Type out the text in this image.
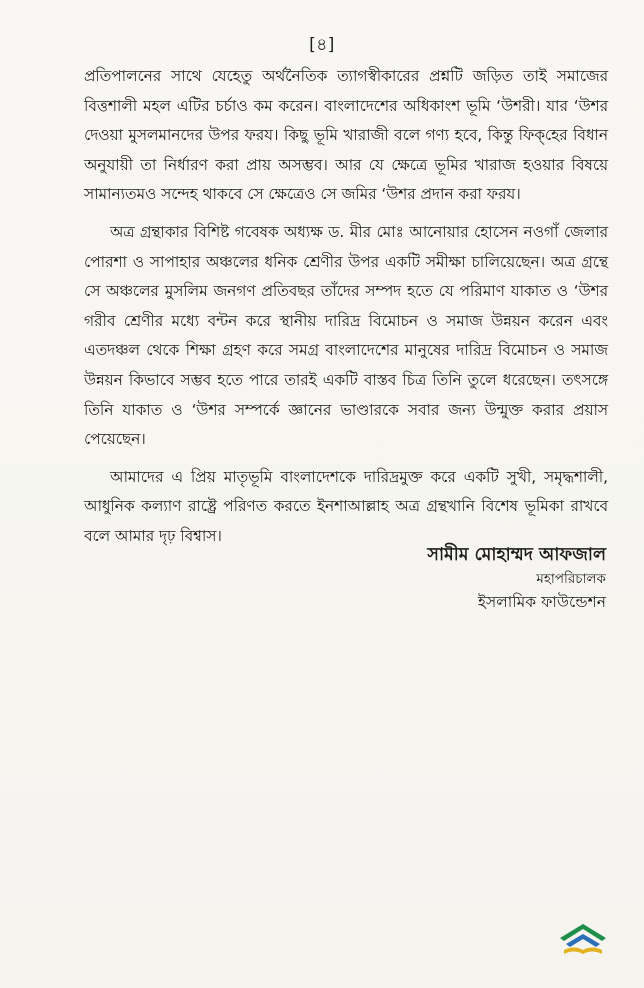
[৪]

প্রতিপালনের সাথে যেহেতু অর্থনৈতিক ত্যাগস্বীকারের প্রশ্নটি জড়িত তাই সমাজের বিত্তশালী মহল এটির চর্চাও কম করেন। বাংলাদেশের অধিকাংশ ভূমি ‘উশরী। যার ‘উশর দেওয়া মুসলমানদের উপর ফরয। কিছু ভূমি খারাজী বলে গণ্য হবে, কিন্তু ফিক্‌হের বিধান অনুযায়ী তা নির্ধারণ করা প্রায় অসম্ভব। আর যে ক্ষেত্রে ভূমির খারাজ হওয়ার বিষয়ে সামান্যতমও সন্দেহ থাকবে সে ক্ষেত্রেও সে জমির ‘উশর প্রদান করা ফরয।

অত্র গ্রন্থাকার বিশিষ্ট গবেষক অধ্যক্ষ ড. মীর মোঃ আনোয়ার হোসেন নওগাঁ জেলার পোরশা ও সাপাহার অঞ্চলের ধনিক শ্রেণীর উপর একটি সমীক্ষা চালিয়েছেন। অত্র গ্রন্থে সে অঞ্চলের মুসলিম জনগণ প্রতিবছর তাঁদের সম্পদ হতে যে পরিমাণ যাকাত ও ‘উশর গরীব শ্রেণীর মধ্যে বন্টন করে স্থানীয় দারিদ্র বিমোচন ও সমাজ উন্নয়ন করেন এবং এতদঞ্চল থেকে শিক্ষা গ্রহণ করে সমগ্র বাংলাদেশের মানুষের দারিদ্র বিমোচন ও সমাজ উন্নয়ন কিভাবে সম্ভব হতে পারে তারই একটি বাস্তব চিত্র তিনি তুলে ধরেছেন। তৎসঙ্গে তিনি যাকাত ও ‘উশর সম্পর্কে জ্ঞানের ভাণ্ডারকে সবার জন্য উন্মুক্ত করার প্রয়াস পেয়েছেন।

আমাদের এ প্রিয় মাতৃভূমি বাংলাদেশকে দারিদ্রমুক্ত করে একটি সুখী, সমৃদ্ধশালী, আধুনিক কল্যাণ রাষ্ট্রে পরিণত করতে ইনশাআল্লাহ অত্র গ্রন্থখানি বিশেষ ভূমিকা রাখবে বলে আমার দৃঢ় বিশ্বাস।

সামীম মোহাম্মদ আফজাল
মহাপরিচালক
ইসলামিক ফাউন্ডেশন
